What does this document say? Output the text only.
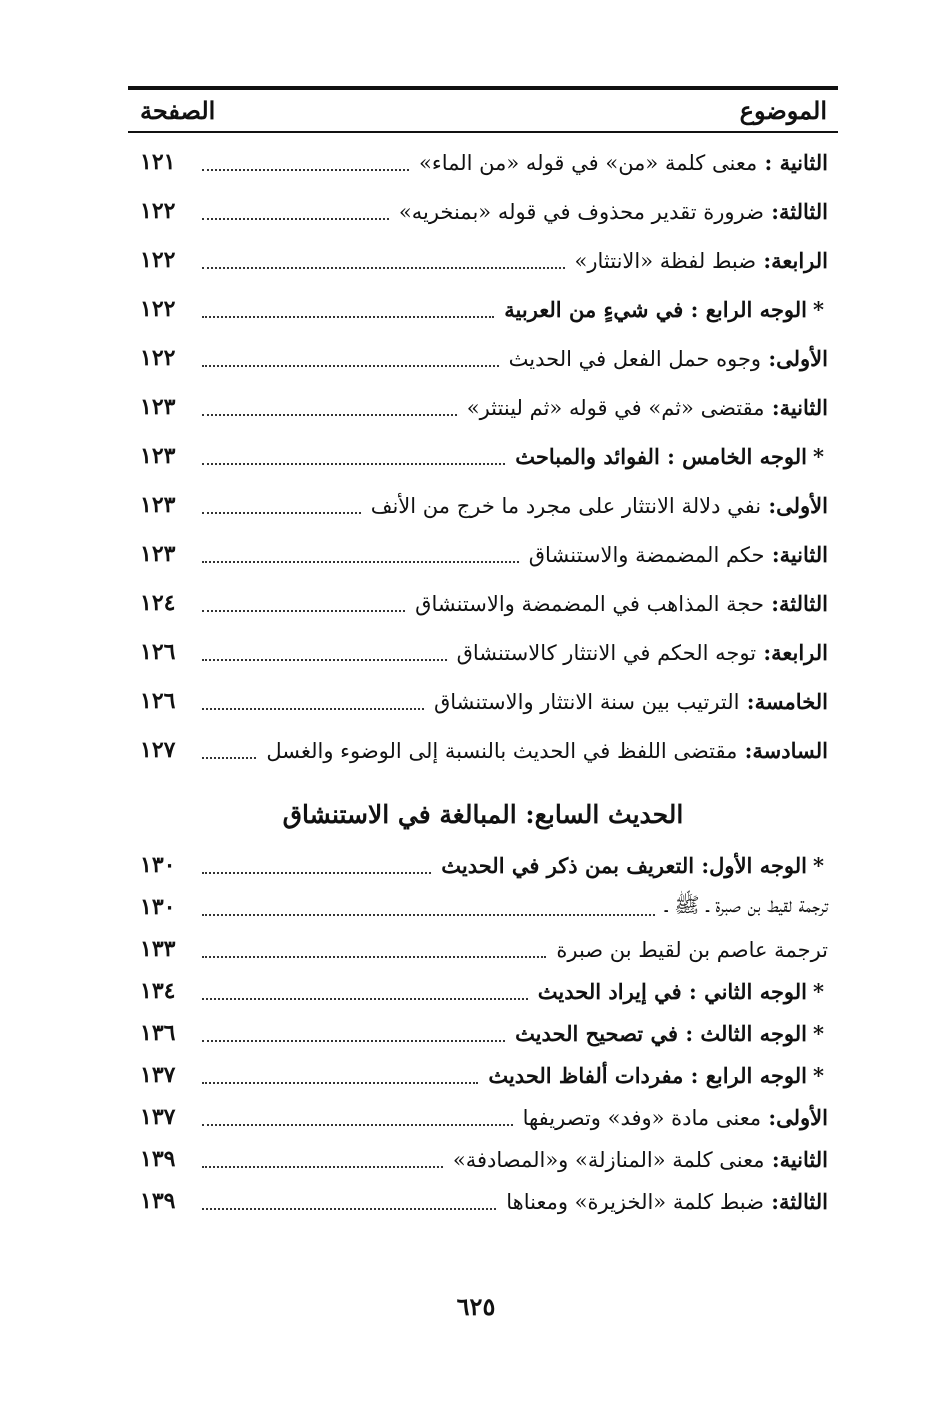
الموضوع
الصفحة
الثانية : معنى كلمة «من» في قوله «من الماء»
١٢١
الثالثة: ضرورة تقدير محذوف في قوله «بمنخريه»
١٢٢
الرابعة: ضبط لفظة «الانتثار»
١٢٢
*الوجه الرابع : في شيءٍ من العربية
١٢٢
الأولى: وجوه حمل الفعل في الحديث
١٢٢
الثانية: مقتضى «ثم» في قوله «ثم لينتثر»
١٢٣
*الوجه الخامس : الفوائد والمباحث
١٢٣
الأولى: نفي دلالة الانتثار على مجرد ما خرج من الأنف
١٢٣
الثانية: حكم المضمضة والاستنشاق
١٢٣
الثالثة: حجة المذاهب في المضمضة والاستنشاق
١٢٤
الرابعة: توجه الحكم في الانتثار كالاستنشاق
١٢٦
الخامسة: الترتيب بين سنة الانتثار والاستنشاق
١٢٦
السادسة: مقتضى اللفظ في الحديث بالنسبة إلى الوضوء والغسل
١٢٧
الحديث السابع: المبالغة في الاستنشاق
*الوجه الأول: التعريف بمن ذكر في الحديث
١٣٠
ترجمة لقيط بن صبرة ـ ﷺ ـ
١٣٠
ترجمة عاصم بن لقيط بن صبرة
١٣٣
*الوجه الثاني : في إيراد الحديث
١٣٤
*الوجه الثالث : في تصحيح الحديث
١٣٦
*الوجه الرابع : مفردات ألفاظ الحديث
١٣٧
الأولى: معنى مادة «وفد» وتصريفها
١٣٧
الثانية: معنى كلمة «المنازلة» و«المصادفة»
١٣٩
الثالثة: ضبط كلمة «الخزيرة» ومعناها
١٣٩
٦٢٥
